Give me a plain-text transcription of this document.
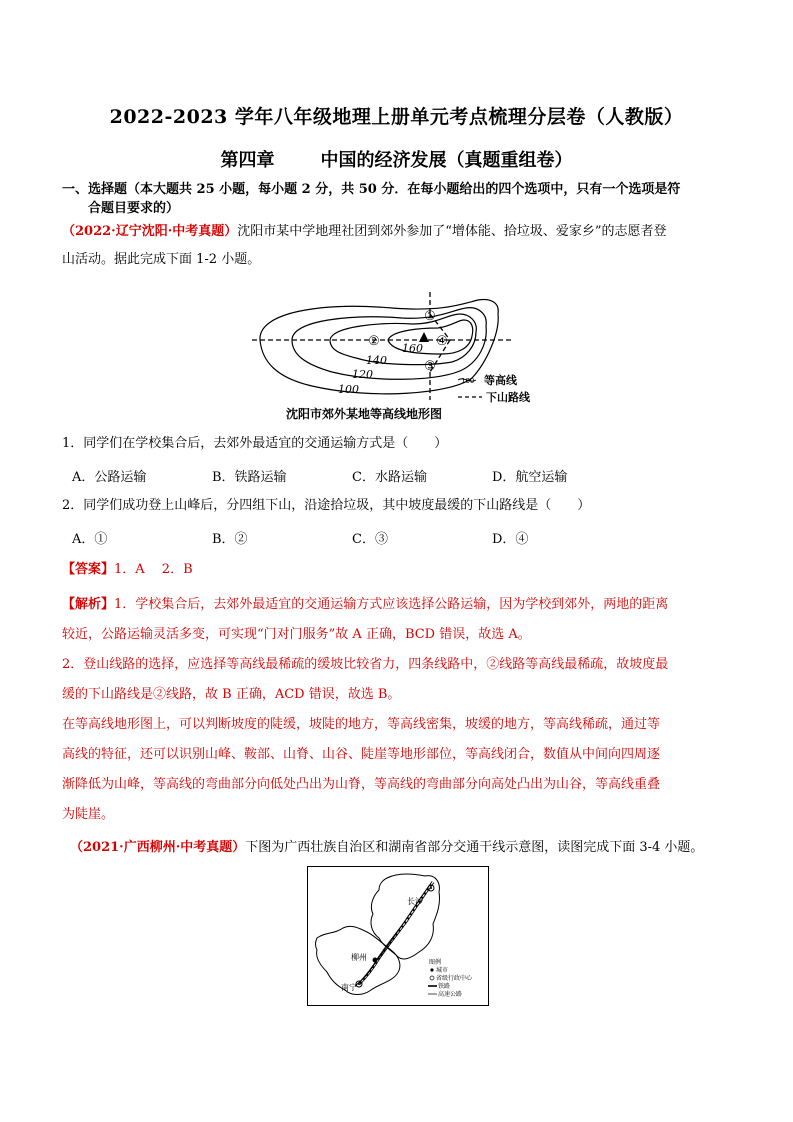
2022-2023 学年八年级地理上册单元考点梳理分层卷（人教版）
第四章	中国的经济发展（真题重组卷）
一、选择题（本大题共 25 小题，每小题 2 分，共 50 分．在每小题给出的四个选项中，只有一个选项是符
合题目要求的）
（2022·辽宁沈阳·中考真题）沈阳市某中学地理社团到郊外参加了“增体能、拾垃圾、爱家乡”的志愿者登
山活动。据此完成下面 1-2 小题。
①
②
③
④
160
140
120
100
100 等高线
下山路线
沈阳市郊外某地等高线地形图
1．同学们在学校集合后，去郊外最适宜的交通运输方式是（　　）
A．公路运输	B．铁路运输	C．水路运输	D．航空运输
2．同学们成功登上山峰后，分四组下山，沿途拾垃圾，其中坡度最缓的下山路线是（　　）
A．①	B．②	C．③	D．④
【答案】1．A　 2．B
【解析】1．学校集合后，去郊外最适宜的交通运输方式应该选择公路运输，因为学校到郊外，两地的距离
较近，公路运输灵活多变，可实现“门对门服务”故 A 正确，BCD 错误，故选 A。
2．登山线路的选择，应选择等高线最稀疏的缓坡比较省力，四条线路中，②线路等高线最稀疏，故坡度最
缓的下山路线是②线路，故 B 正确，ACD 错误，故选 B。
在等高线地形图上，可以判断坡度的陡缓，坡陡的地方，等高线密集，坡缓的地方，等高线稀疏，通过等
高线的特征，还可以识别山峰、鞍部、山脊、山谷、陡崖等地形部位，等高线闭合，数值从中间向四周逐
渐降低为山峰，等高线的弯曲部分向低处凸出为山脊，等高线的弯曲部分向高处凸出为山谷，等高线重叠
为陡崖。
（2021·广西柳州·中考真题）下图为广西壮族自治区和湖南省部分交通干线示意图，读图完成下面 3-4 小题。
长沙
柳州
南宁
图例
城市
省级行政中心
铁路
高速公路
